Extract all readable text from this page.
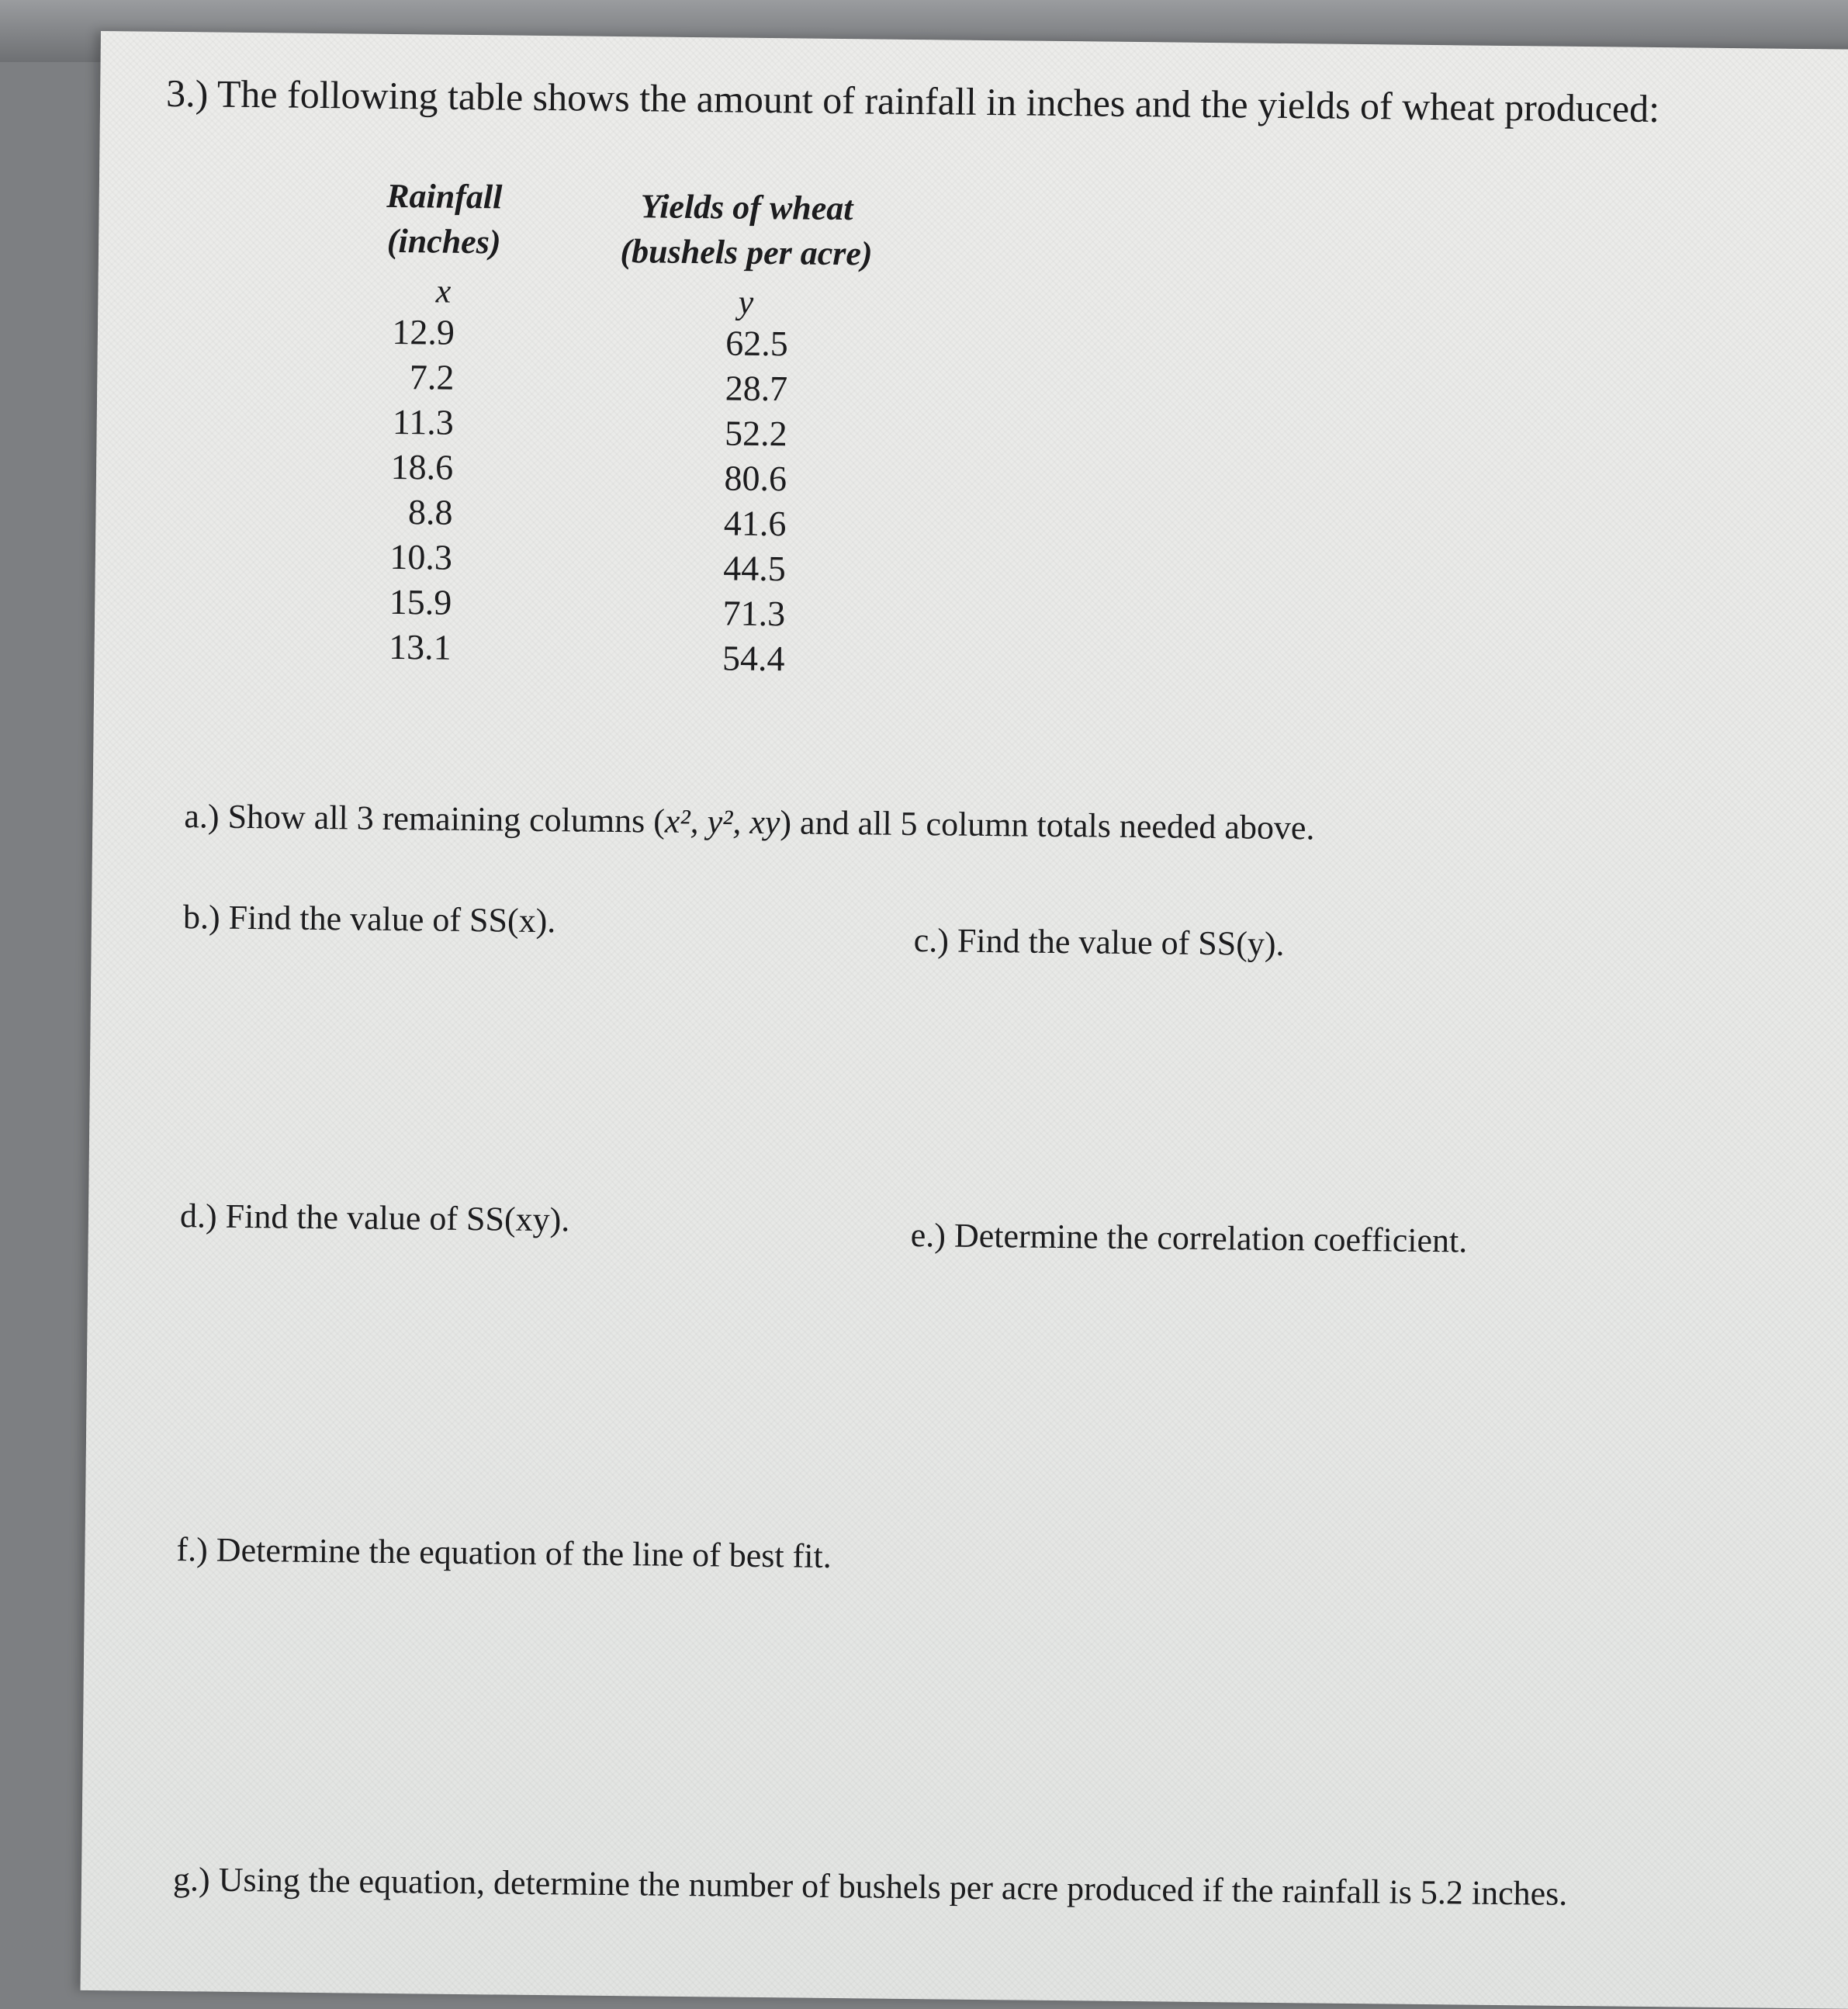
3.) The following table shows the amount of rainfall in inches and the yields of wheat produced:
Rainfall
(inches)
Yields of wheat
(bushels per acre)
x	y
12.9
7.2
11.3
18.6
8.8
10.3
15.9
13.1
62.5
28.7
52.2
80.6
41.6
44.5
71.3
54.4
a.) Show all 3 remaining columns (x², y², xy) and all 5 column totals needed above.
b.) Find the value of SS(x).
c.) Find the value of SS(y).
d.) Find the value of SS(xy).	e.) Determine the correlation coefficient.
f.) Determine the equation of the line of best fit.
g.) Using the equation, determine the number of bushels per acre produced if the rainfall is 5.2 inches.
